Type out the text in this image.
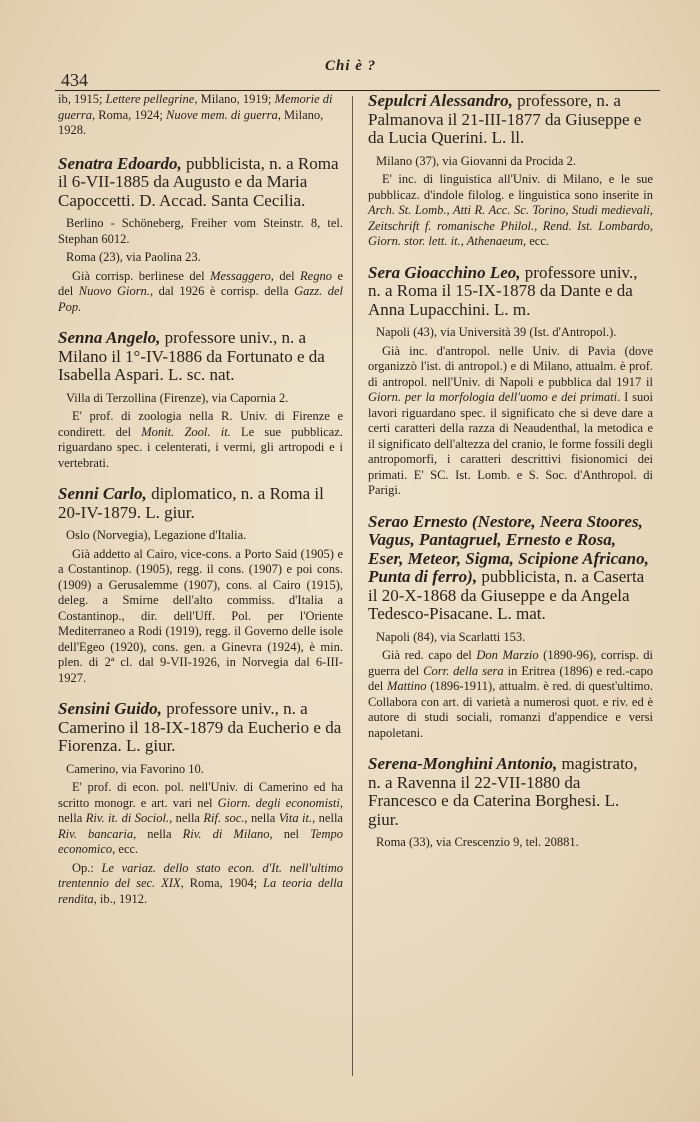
434
Chi è ?
ib, 1915; Lettere pellegrine, Milano, 1919; Memorie di guerra, Roma, 1924; Nuove mem. di guerra, Milano, 1928.
Senatra Edoardo, pubblicista, n. a Roma il 6-VII-1885 da Augusto e da Maria Capoccetti. D. Accad. Santa Cecilia.
Berlino - Schöneberg, Freiher vom Steinstr. 8, tel. Stephan 6012.
Roma (23), via Paolina 23.
Già corrisp. berlinese del Messaggero, del Regno e del Nuovo Giorn., dal 1926 è corrisp. della Gazz. del Pop.
Senna Angelo, professore univ., n. a Milano il 1°-IV-1886 da Fortunato e da Isabella Aspari. L. sc. nat.
Villa di Terzollina (Firenze), via Capornia 2.
E' prof. di zoologia nella R. Univ. di Firenze e condirett. del Monit. Zool. it. Le sue pubblicaz. riguardano spec. i celenterati, i vermi, gli artropodi e i vertebrati.
Senni Carlo, diplomatico, n. a Roma il 20-IV-1879. L. giur.
Oslo (Norvegia), Legazione d'Italia.
Già addetto al Cairo, vice-cons. a Porto Said (1905) e a Costantinop. (1905), regg. il cons. (1907) e poi cons. (1909) a Gerusalemme (1907), cons. al Cairo (1915), deleg. a Smirne dell'alto commiss. d'Italia a Costantinop., dir. dell'Uff. Pol. per l'Oriente Mediterraneo a Rodi (1919), regg. il Governo delle isole dell'Egeo (1920), cons. gen. a Ginevra (1924), è min. plen. di 2ª cl. dal 9-VII-1926, in Norvegia dal 6-III-1927.
Sensini Guido, professore univ., n. a Camerino il 18-IX-1879 da Eucherio e da Fiorenza. L. giur.
Camerino, via Favorino 10.
E' prof. di econ. pol. nell'Univ. di Camerino ed ha scritto monogr. e art. vari nel Giorn. degli economisti, nella Riv. it. di Sociol., nella Rif. soc., nella Vita it., nella Riv. bancaria, nella Riv. di Milano, nel Tempo economico, ecc.
Op.: Le variaz. dello stato econ. d'It. nell'ultimo trentennio del sec. XIX, Roma, 1904; La teoria della rendita, ib., 1912.
Sepulcri Alessandro, professore, n. a Palmanova il 21-III-1877 da Giuseppe e da Lucia Querini. L. ll.
Milano (37), via Giovanni da Procida 2.
E' inc. di linguistica all'Univ. di Milano, e le sue pubblicaz. d'indole filolog. e linguistica sono inserite in Arch. St. Lomb., Atti R. Acc. Sc. Torino, Studi medievali, Zeitschrift f. romanische Philol., Rend. Ist. Lombardo, Giorn. stor. lett. it., Athenaeum, ecc.
Sera Gioacchino Leo, professore univ., n. a Roma il 15-IX-1878 da Dante e da Anna Lupacchini. L. m.
Napoli (43), via Università 39 (Ist. d'Antropol.).
Già inc. d'antropol. nelle Univ. di Pavia (dove organizzò l'ist. di antropol.) e di Milano, attualm. è prof. di antropol. nell'Univ. di Napoli e pubblica dal 1917 il Giorn. per la morfologia dell'uomo e dei primati. I suoi lavori riguardano spec. il significato che si deve dare a certi caratteri della razza di Neaudenthal, la metodica e il significato dell'altezza del cranio, le forme fossili degli antropomorfi, i caratteri descrittivi fisionomici dei primati. E' SC. Ist. Lomb. e S. Soc. d'Anthropol. di Parigi.
Serao Ernesto (Nestore, Neera Stoores, Vagus, Pantagruel, Ernesto e Rosa, Eser, Meteor, Sigma, Scipione Africano, Punta di ferro), pubblicista, n. a Caserta il 20-X-1868 da Giuseppe e da Angela Tedesco-Pisacane. L. mat.
Napoli (84), via Scarlatti 153.
Già red. capo del Don Marzio (1890-96), corrisp. di guerra del Corr. della sera in Eritrea (1896) e red.-capo del Mattino (1896-1911), attualm. è red. di quest'ultimo. Collabora con art. di varietà a numerosi quot. e riv. ed è autore di studi sociali, romanzi d'appendice e versi napoletani.
Serena-Monghini Antonio, magistrato, n. a Ravenna il 22-VII-1880 da Francesco e da Caterina Borghesi. L. giur.
Roma (33), via Crescenzio 9, tel. 20881.
